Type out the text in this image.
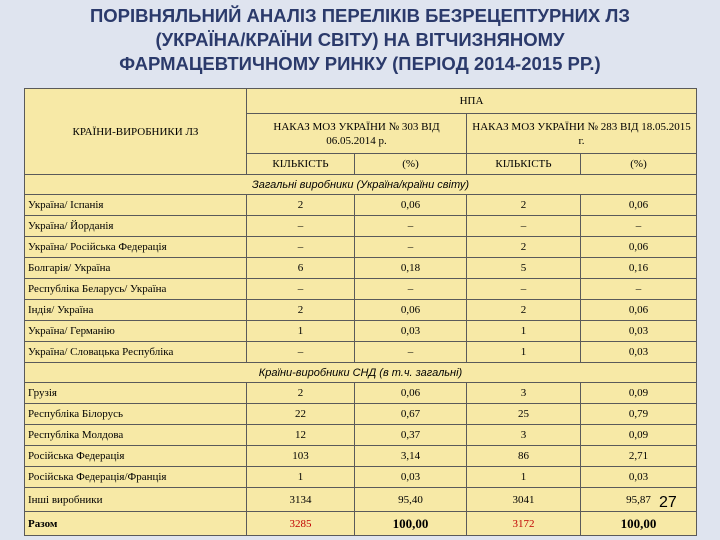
ПОРІВНЯЛЬНИЙ АНАЛІЗ ПЕРЕЛІКІВ БЕЗРЕЦЕПТУРНИХ ЛЗ
(УКРАЇНА/КРАЇНИ СВІТУ) НА ВІТЧИЗНЯНОМУ
ФАРМАЦЕВТИЧНОМУ РИНКУ (ПЕРІОД 2014-2015 РР.)
КРАЇНИ-ВИРОБНИКИ ЛЗ	НПА			
	НАКАЗ МОЗ УКРАЇНИ № 303 ВІД 06.05.2014 р.		НАКАЗ МОЗ УКРАЇНИ № 283 ВІД 18.05.2015 г.	
	КІЛЬКІСТЬ	(%)	КІЛЬКІСТЬ	(%)
Загальні виробники (Україна/країни світу)				
Україна/ Іспанія	2	0,06	2	0,06
Україна/ Йорданія	–	–	–	–
Україна/ Російська Федерація	–	–	2	0,06
Болгарія/ Україна	6	0,18	5	0,16
Республіка Беларусь/ Україна	–	–	–	–
Індія/ Україна	2	0,06	2	0,06
Україна/ Германію	1	0,03	1	0,03
Україна/ Словацька Республіка	–	–	1	0,03
Країни-виробники СНД (в т.ч. загальні)				
Грузія	2	0,06	3	0,09
Республіка Білорусь	22	0,67	25	0,79
Республіка Молдова	12	0,37	3	0,09
Російська Федерація	103	3,14	86	2,71
Російська Федерація/Франція	1	0,03	1	0,03
Інші виробники	3134	95,40	3041	95,87
Разом	3285	100,00	3172	100,00
27
